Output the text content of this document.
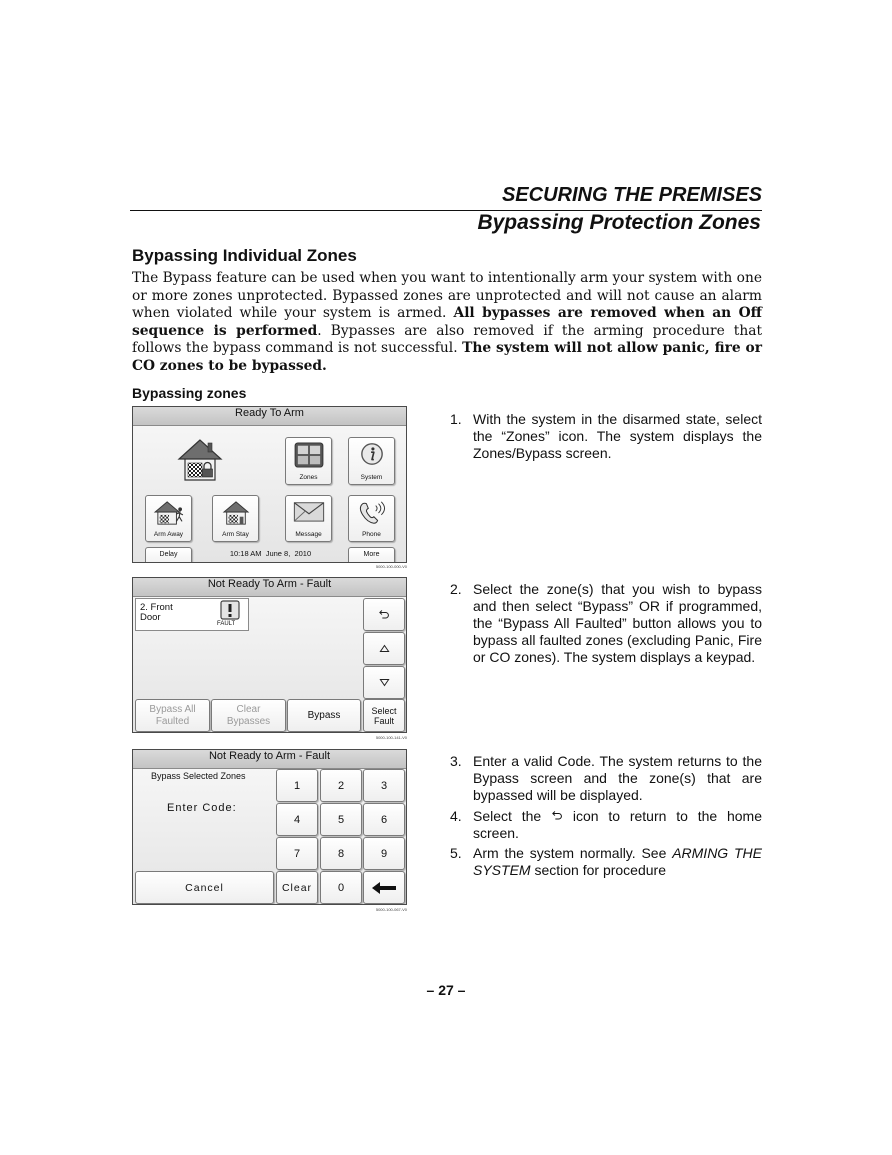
SECURING THE PREMISES
Bypassing Protection Zones
Bypassing Individual Zones
The Bypass feature can be used when you want to intentionally arm your system with one or more zones unprotected. Bypassed zones are unprotected and will not cause an alarm when violated while your system is armed. All bypasses are removed when an Off sequence is performed. Bypasses are also removed if the arming procedure that follows the bypass command is not successful. The system will not allow panic, fire or CO zones to be bypassed.
Bypassing zones
Ready To Arm
Zones	System
Arm Away	Arm Stay	Message	Phone
Delay	10:18 AM  June 8,  2010	More
5000-100-000-V0
Not Ready To Arm - Fault
2. Front Door
FAULT
Bypass All Faulted
Clear Bypasses
Bypass	Select Fault
5000-100-141-V0
Not Ready to Arm - Fault
Bypass Selected Zones
Enter Code:
1	2	3
4	5	6
7	8	9
Cancel	Clear 0
5000-100-067-V0
1. With the system in the disarmed state, select the “Zones” icon. The system displays the Zones/Bypass screen.
2. Select the zone(s) that you wish to bypass and then select “Bypass” OR if programmed, the “Bypass All Faulted” button allows you to bypass all faulted zones (excluding Panic, Fire or CO zones). The system displays a keypad.
3. Enter a valid Code. The system returns to the Bypass screen and the zone(s) that are bypassed will be displayed.
4. Select the icon to return to the home screen.
5. Arm the system normally. See ARMING THE SYSTEM section for procedure
– 27 –
